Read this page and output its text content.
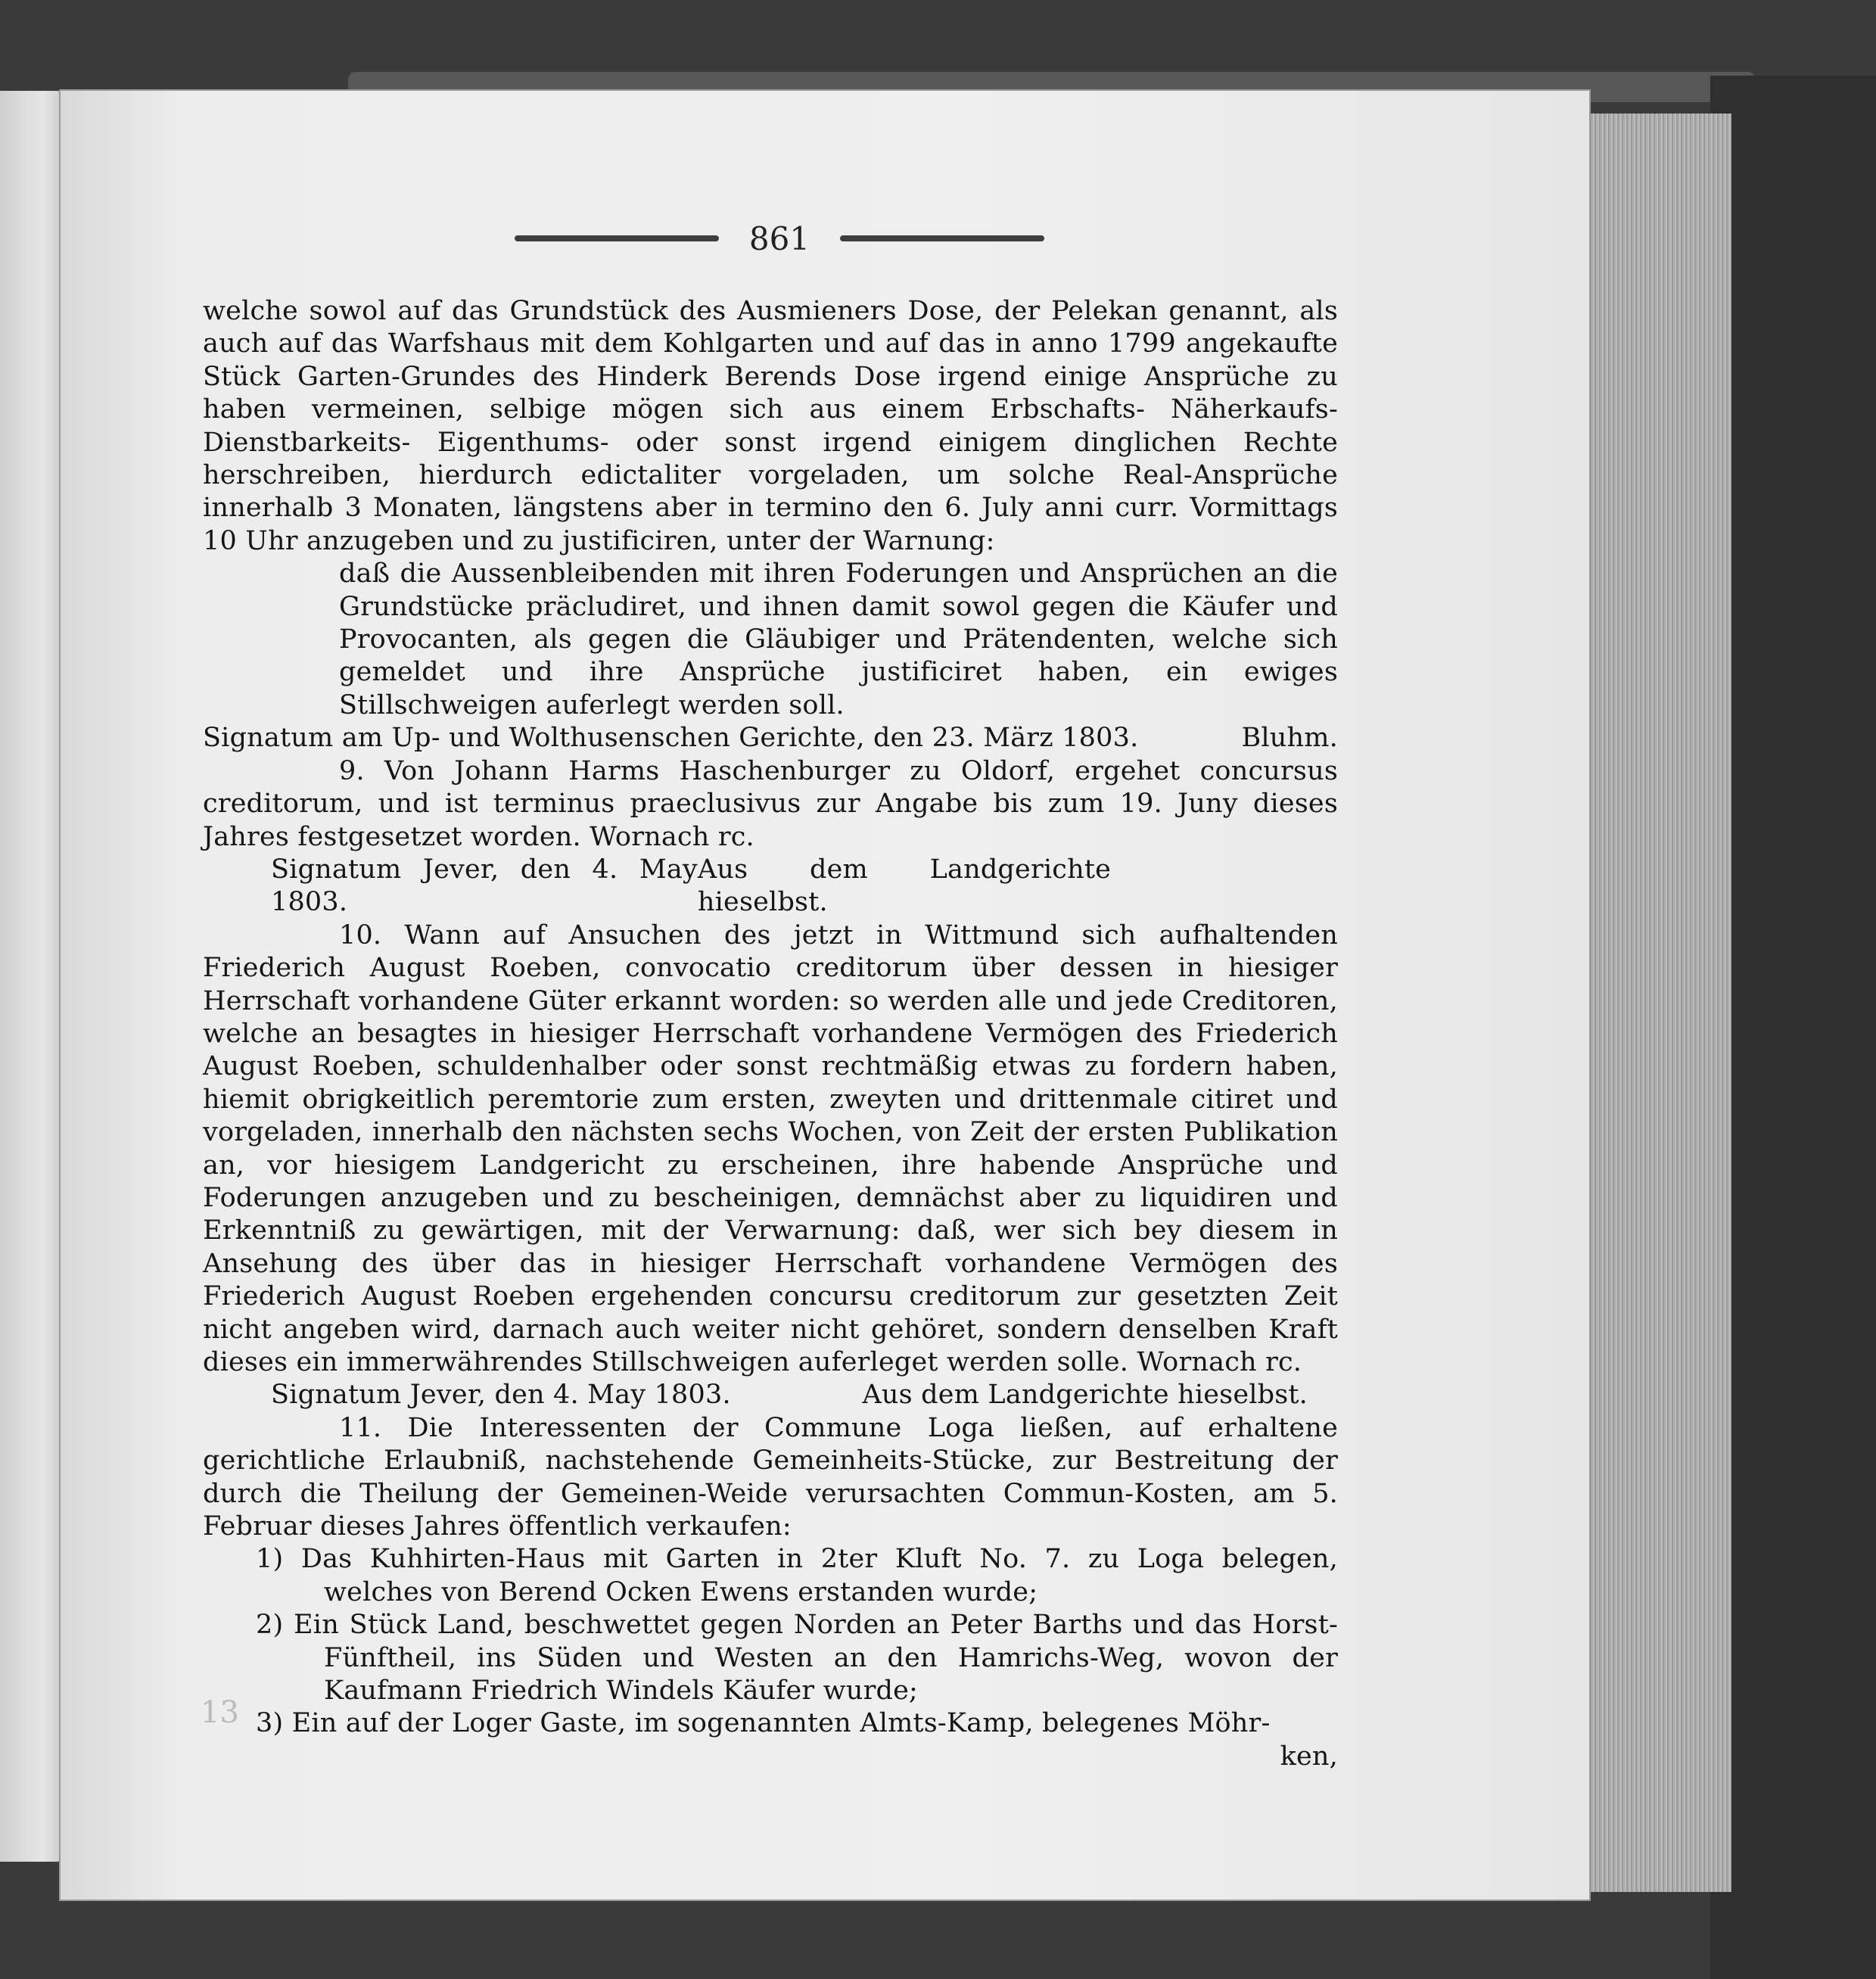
861

welche sowol auf das Grundstück des Ausmieners Dose, der Pelekan genannt, als auch auf das Warfshaus mit dem Kohlgarten und auf das in anno 1799 angekaufte Stück Garten-Grundes des Hinderk Berends Dose irgend einige Ansprüche zu haben vermeinen, selbige mögen sich aus einem Erbschafts- Näherkaufs- Dienstbarkeits- Eigenthums- oder sonst irgend einigem dinglichen Rechte herschreiben, hierdurch edictaliter vorgeladen, um solche Real-Ansprüche innerhalb 3 Monaten, längstens aber in termino den 6. July anni curr. Vormittags 10 Uhr anzugeben und zu justificiren, unter der Warnung:

daß die Aussenbleibenden mit ihren Foderungen und Ansprüchen an die Grundstücke präcludiret, und ihnen damit sowol gegen die Käufer und Provocanten, als gegen die Gläubiger und Prätendenten, welche sich gemeldet und ihre Ansprüche justificiret haben, ein ewiges Stillschweigen auferlegt werden soll.

Signatum am Up- und Wolthusenschen Gerichte, den 23. März 1803.	Bluhm.

9. Von Johann Harms Haschenburger zu Oldorf, ergehet concursus creditorum, und ist terminus praeclusivus zur Angabe bis zum 19. Juny dieses Jahres festgesetzet worden. Wornach rc.

Signatum Jever, den 4. May 1803.
Aus dem Landgerichte hieselbst.

10. Wann auf Ansuchen des jetzt in Wittmund sich aufhaltenden Friederich August Roeben, convocatio creditorum über dessen in hiesiger Herrschaft vorhandene Güter erkannt worden: so werden alle und jede Creditoren, welche an besagtes in hiesiger Herrschaft vorhandene Vermögen des Friederich August Roeben, schuldenhalber oder sonst rechtmäßig etwas zu fordern haben, hiemit obrigkeitlich peremtorie zum ersten, zweyten und drittenmale citiret und vorgeladen, innerhalb den nächsten sechs Wochen, von Zeit der ersten Publikation an, vor hiesigem Landgericht zu erscheinen, ihre habende Ansprüche und Foderungen anzugeben und zu bescheinigen, demnächst aber zu liquidiren und Erkenntniß zu gewärtigen, mit der Verwarnung: daß, wer sich bey diesem in Ansehung des über das in hiesiger Herrschaft vorhandene Vermögen des Friederich August Roeben ergehenden concursu creditorum zur gesetzten Zeit nicht angeben wird, darnach auch weiter nicht gehöret, sondern denselben Kraft dieses ein immerwährendes Stillschweigen auferleget werden solle. Wornach rc.

Signatum Jever, den 4. May 1803.	Aus dem Landgerichte hieselbst.

11. Die Interessenten der Commune Loga ließen, auf erhaltene gerichtliche Erlaubniß, nachstehende Gemeinheits-Stücke, zur Bestreitung der durch die Theilung der Gemeinen-Weide verursachten Commun-Kosten, am 5. Februar dieses Jahres öffentlich verkaufen:

1) Das Kuhhirten-Haus mit Garten in 2ter Kluft No. 7. zu Loga belegen, welches von Berend Ocken Ewens erstanden wurde;

2) Ein Stück Land, beschwettet gegen Norden an Peter Barths und das Horst-Fünftheil, ins Süden und Westen an den Hamrichs-Weg, wovon der Kaufmann Friedrich Windels Käufer wurde;

3) Ein auf der Loger Gaste, im sogenannten Almts-Kamp, belegenes Möhr-

ken,

13
